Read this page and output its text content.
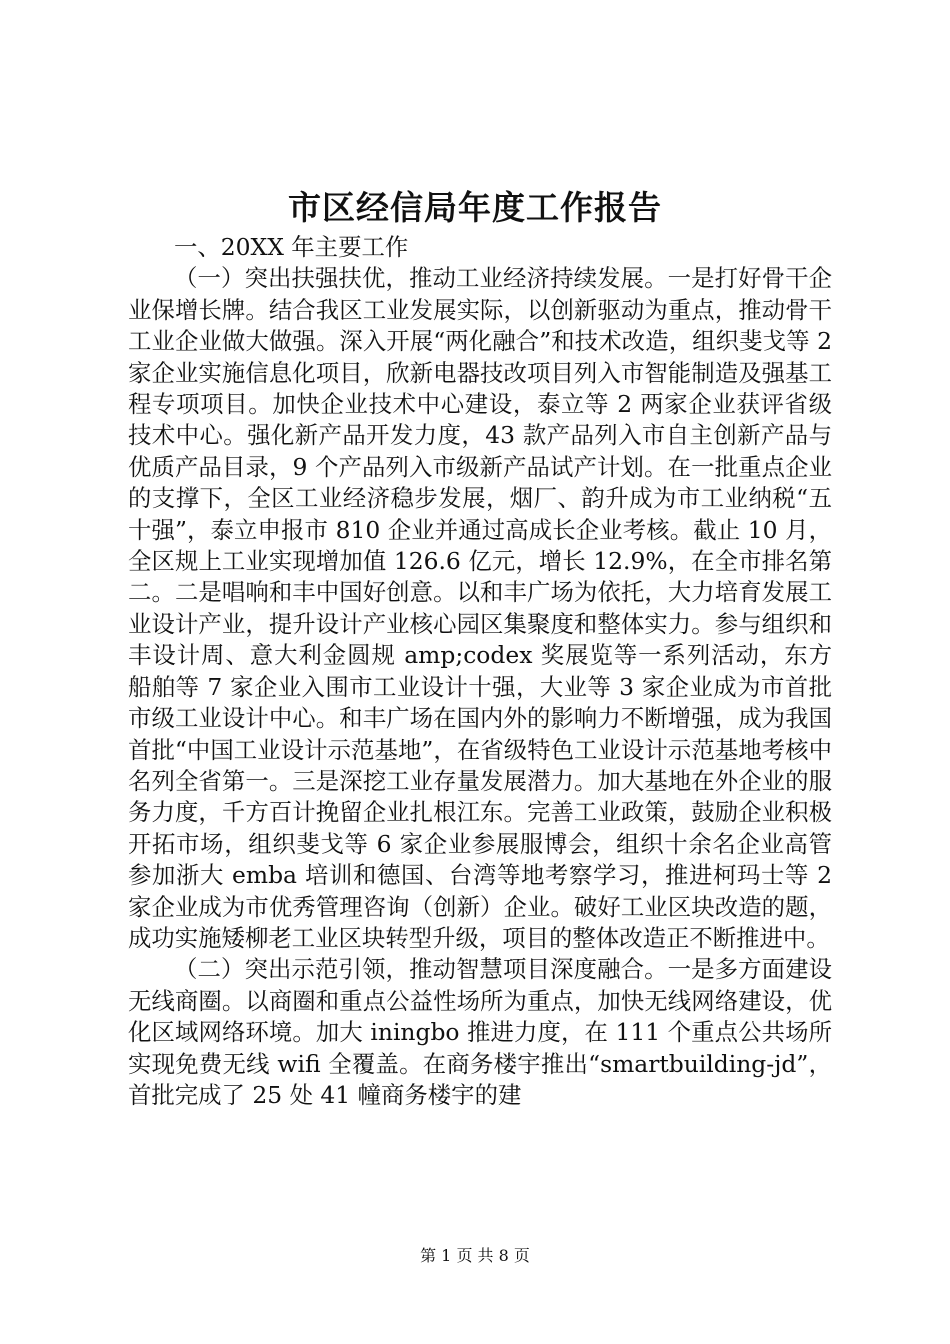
市区经信局年度工作报告

一、20XX 年主要工作

（一）突出扶强扶优，推动工业经济持续发展。一是打好骨干企业保增长牌。结合我区工业发展实际，以创新驱动为重点，推动骨干工业企业做大做强。深入开展“两化融合”和技术改造，组织斐戈等 2 家企业实施信息化项目，欣新电器技改项目列入市智能制造及强基工程专项项目。加快企业技术中心建设，泰立等 2 两家企业获评省级技术中心。强化新产品开发力度，43 款产品列入市自主创新产品与优质产品目录，9 个产品列入市级新产品试产计划。在一批重点企业的支撑下，全区工业经济稳步发展，烟厂、韵升成为市工业纳税“五十强”，泰立申报市 810 企业并通过高成长企业考核。截止 10 月，全区规上工业实现增加值 126.6 亿元，增长 12.9%，在全市排名第二。二是唱响和丰中国好创意。以和丰广场为依托，大力培育发展工业设计产业，提升设计产业核心园区集聚度和整体实力。参与组织和丰设计周、意大利金圆规 amp;codex 奖展览等一系列活动，东方船舶等 7 家企业入围市工业设计十强，大业等 3 家企业成为市首批市级工业设计中心。和丰广场在国内外的影响力不断增强，成为我国首批“中国工业设计示范基地”，在省级特色工业设计示范基地考核中名列全省第一。三是深挖工业存量发展潜力。加大基地在外企业的服务力度，千方百计挽留企业扎根江东。完善工业政策，鼓励企业积极开拓市场，组织斐戈等 6 家企业参展服博会，组织十余名企业高管参加浙大 emba 培训和德国、台湾等地考察学习，推进柯玛士等 2 家企业成为市优秀管理咨询（创新）企业。破好工业区块改造的题，成功实施矮柳老工业区块转型升级，项目的整体改造正不断推进中。

（二）突出示范引领，推动智慧项目深度融合。一是多方面建设无线商圈。以商圈和重点公益性场所为重点，加快无线网络建设，优化区域网络环境。加大 iningbo 推进力度，在 111 个重点公共场所实现免费无线 wifi 全覆盖。在商务楼宇推出“smartbuilding-jd”，首批完成了 25 处 41 幢商务楼宇的建

第 1 页 共 8 页
